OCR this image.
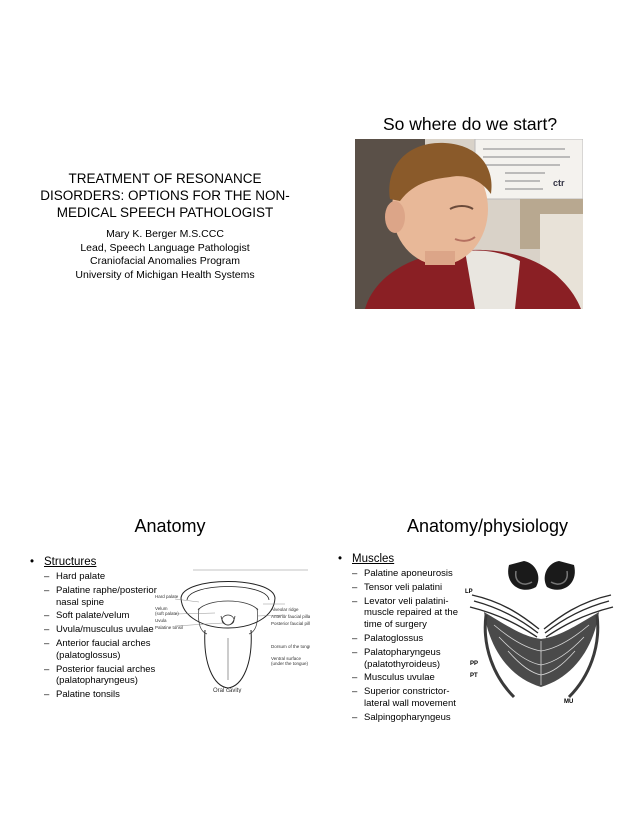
TREATMENT OF RESONANCE
DISORDERS: OPTIONS FOR THE NON-
MEDICAL SPEECH PATHOLOGIST
Mary K. Berger M.S.CCC
Lead, Speech Language Pathologist
Craniofacial Anomalies Program
University of Michigan Health Systems
So where do we start?
ctr
Anatomy
• Structures
– Hard palate
– Palatine raphe/posterior nasal spine
– Soft palate/velum
– Uvula/musculus uvulae
– Anterior faucial arches (palatoglossus)
– Posterior faucial arches (palatopharyngeus)
– Palatine tonsils
Hard palate
Velum
(soft palate)
Uvula
Palatine tonsil
Alveolar ridge
Anterior faucial pillar
Posterior faucial pillar
Dorsum of the tongue
Ventral surface
(under the tongue)
Oral cavity
Anatomy/physiology
• Muscles
– Palatine aponeurosis
– Tensor veli palatini
– Levator veli palatini- muscle repaired at the time of surgery
– Palatoglossus
– Palatopharyngeus (palatothyroideus)
– Musculus uvulae
– Superior constrictor- lateral wall movement
– Salpingopharyngeus
LP
PP
PT
MU
